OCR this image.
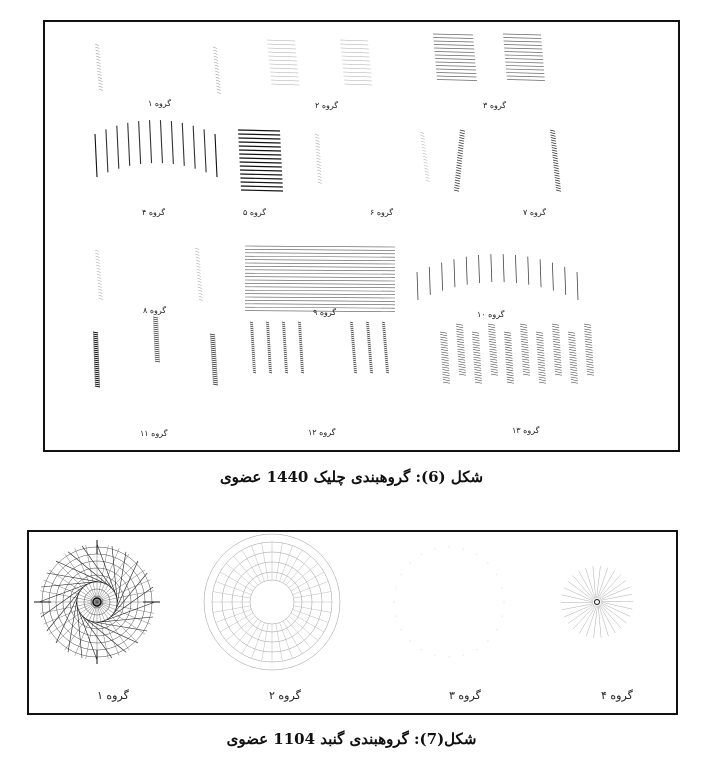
گروه ۱	گروه ۲	گروه ۳
گروه ۴	گروه ۵	گروه ۶	گروه ۷
گروه ۸	گروه ۹	گروه ۱۰
گروه ۱۱	گروه ۱۲	گروه ۱۳
شکل (6): گروهبندی چلیک 1440 عضوی
گروه ۱	گروه ۲	گروه ۳	گروه ۴
شکل(7): گروهبندی گنبد 1104 عضوی
